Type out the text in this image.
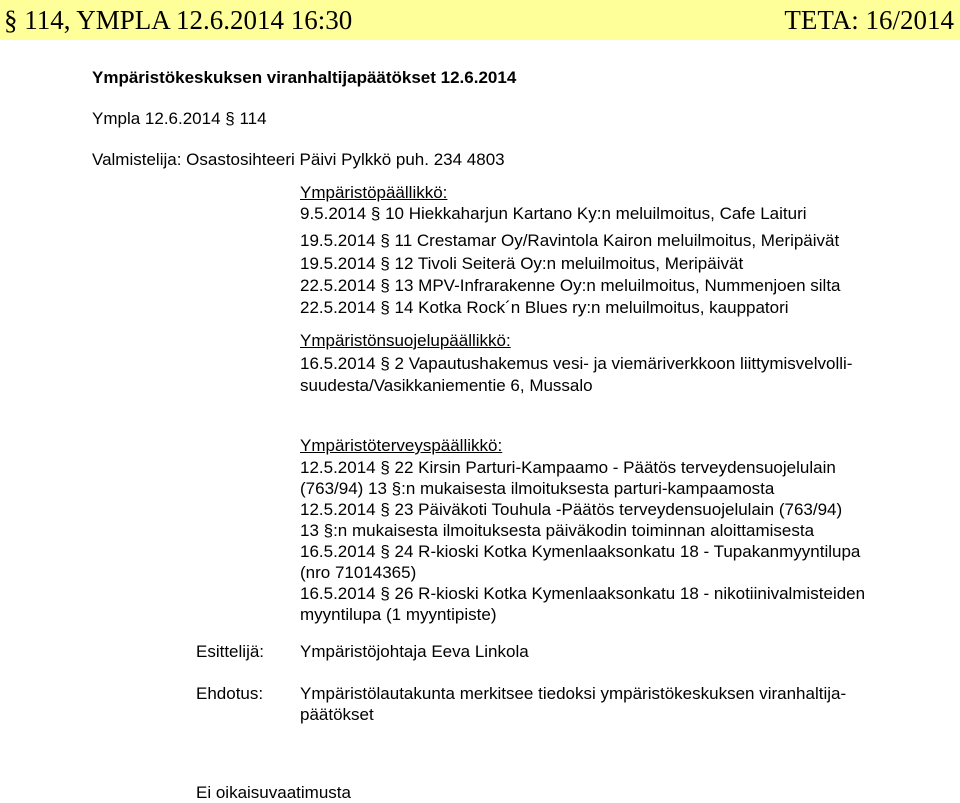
§ 114, YMPLA 12.6.2014 16:30	TETA: 16/2014
Ympäristökeskuksen viranhaltijapäätökset 12.6.2014
Ympla 12.6.2014 § 114
Valmistelija: Osastosihteeri Päivi Pylkkö puh. 234 4803
Ympäristöpäällikkö:
9.5.2014 § 10 Hiekkaharjun Kartano Ky:n meluilmoitus, Cafe Laituri
19.5.2014 § 11 Crestamar Oy/Ravintola Kairon meluilmoitus, Meripäivät
19.5.2014 § 12 Tivoli Seiterä Oy:n meluilmoitus, Meripäivät
22.5.2014 § 13 MPV-Infrarakenne Oy:n meluilmoitus, Nummenjoen silta
22.5.2014 § 14 Kotka Rock´n Blues ry:n meluilmoitus, kauppatori
Ympäristönsuojelupäällikkö:
16.5.2014 § 2 Vapautushakemus vesi- ja viemäriverkkoon liittymisvelvolli-
suudesta/Vasikkaniementie 6, Mussalo
Ympäristöterveyspäällikkö:
12.5.2014 § 22 Kirsin Parturi-Kampaamo - Päätös terveydensuojelulain
(763/94) 13 §:n mukaisesta ilmoituksesta parturi-kampaamosta
12.5.2014 § 23 Päiväkoti Touhula -Päätös terveydensuojelulain (763/94)
13 §:n mukaisesta ilmoituksesta päiväkodin toiminnan aloittamisesta
16.5.2014 § 24 R-kioski Kotka Kymenlaaksonkatu 18 - Tupakanmyyntilupa
(nro 71014365)
16.5.2014 § 26 R-kioski Kotka Kymenlaaksonkatu 18 - nikotiinivalmisteiden
myyntilupa (1 myyntipiste)
Esittelijä: Ympäristöjohtaja Eeva Linkola
Ehdotus: Ympäristölautakunta merkitsee tiedoksi ympäristökeskuksen viranhaltija-
päätökset
Ei oikaisuvaatimusta
